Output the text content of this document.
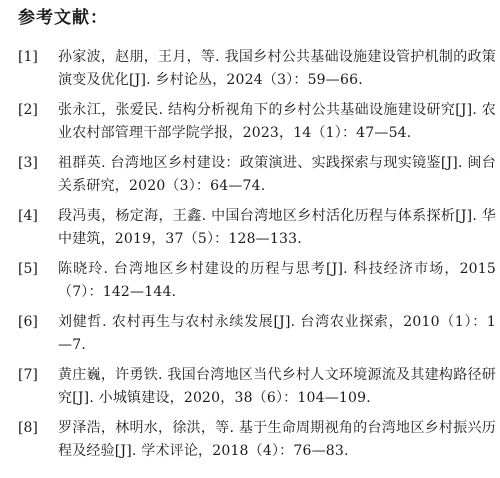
参考文献：
[1]	孙家波，赵朋，王月，等. 我国乡村公共基础设施建设管护机制的政策演变及优化[J]. 乡村论丛，2024（3）：59—66.
[2]	张永江，张爱民. 结构分析视角下的乡村公共基础设施建设研究[J]. 农业农村部管理干部学院学报，2023，14（1）：47—54.
[3]	祖群英. 台湾地区乡村建设：政策演进、实践探索与现实镜鉴[J]. 闽台关系研究，2020（3）：64—74.
[4]	段冯夷，杨定海，王鑫. 中国台湾地区乡村活化历程与体系探析[J]. 华中建筑，2019，37（5）：128—133.
[5]	陈晓玲. 台湾地区乡村建设的历程与思考[J]. 科技经济市场，2015（7）：142—144.
[6]	刘健哲. 农村再生与农村永续发展[J]. 台湾农业探索，2010（1）：1—7.
[7]	黄庄巍，许勇铁. 我国台湾地区当代乡村人文环境源流及其建构路径研究[J]. 小城镇建设，2020，38（6）：104—109.
[8]	罗泽浩，林明水，徐洪，等. 基于生命周期视角的台湾地区乡村振兴历程及经验[J]. 学术评论，2018（4）：76—83.
